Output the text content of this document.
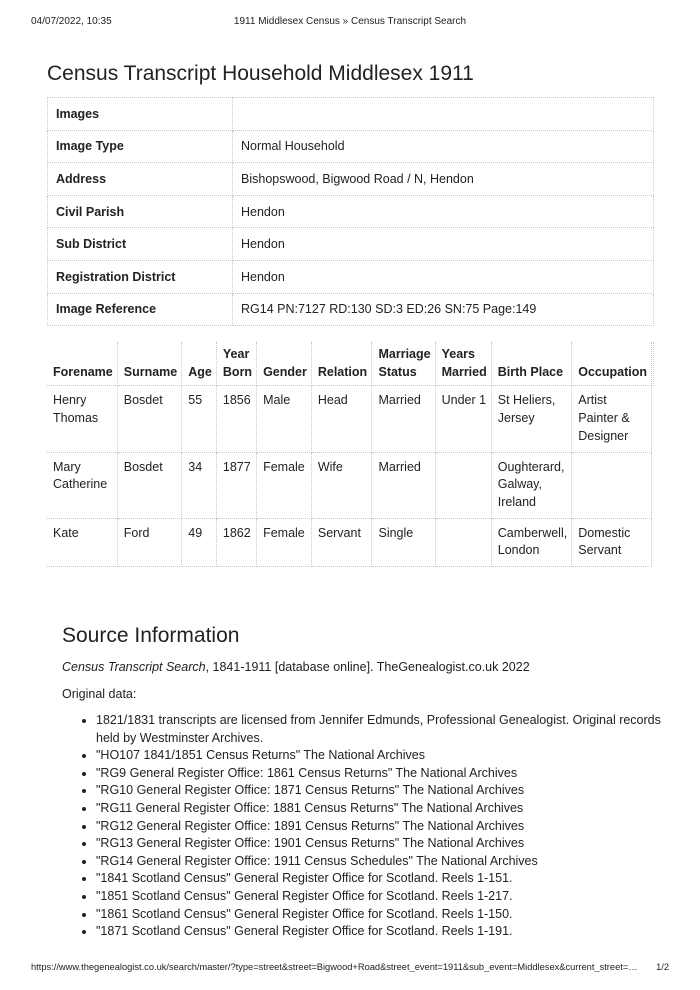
04/07/2022, 10:35	1911 Middlesex Census » Census Transcript Search
Census Transcript Household Middlesex 1911
Images	
Image Type	Normal Household
Address	Bishopswood, Bigwood Road / N, Hendon
Civil Parish	Hendon
Sub District	Hendon
Registration District	Hendon
Image Reference	RG14 PN:7127 RD:130 SD:3 ED:26 SN:75 Page:149
Forename	Surname	Age	Year Born	Gender	Relation	Marriage Status	Years Married	Birth Place	Occupation	
Henry Thomas	Bosdet	55	1856	Male	Head	Married	Under 1	St Heliers, Jersey	Artist Painter & Designer	
Mary Catherine	Bosdet	34	1877	Female	Wife	Married		Oughterard, Galway, Ireland		
Kate	Ford	49	1862	Female	Servant	Single		Camberwell, London	Domestic Servant	
Source Information
Census Transcript Search, 1841-1911 [database online]. TheGenealogist.co.uk 2022
Original data:
• 1821/1831 transcripts are licensed from Jennifer Edmunds, Professional Genealogist. Original records held by Westminster Archives.
• "HO107 1841/1851 Census Returns" The National Archives
• "RG9 General Register Office: 1861 Census Returns" The National Archives
• "RG10 General Register Office: 1871 Census Returns" The National Archives
• "RG11 General Register Office: 1881 Census Returns" The National Archives
• "RG12 General Register Office: 1891 Census Returns" The National Archives
• "RG13 General Register Office: 1901 Census Returns" The National Archives
• "RG14 General Register Office: 1911 Census Schedules" The National Archives
• "1841 Scotland Census" General Register Office for Scotland. Reels 1-151.
• "1851 Scotland Census" General Register Office for Scotland. Reels 1-217.
• "1861 Scotland Census" General Register Office for Scotland. Reels 1-150.
• "1871 Scotland Census" General Register Office for Scotland. Reels 1-191.
https://www.thegenealogist.co.uk/search/master/?type=street&street=Bigwood+Road&street_event=1911&sub_event=Middlesex&current_street=…	1/2
